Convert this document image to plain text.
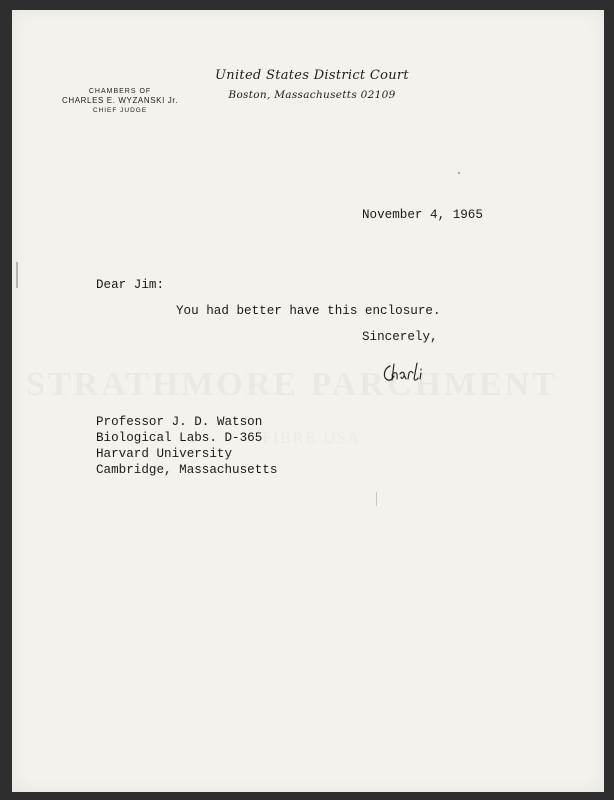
CHAMBERS OF
CHARLES E. WYZANSKI Jr.
CHIEF JUDGE
United States District Court
Boston, Massachusetts 02109
November 4, 1965
Dear Jim:
You had better have this enclosure.
Sincerely,
Professor J. D. Watson
Biological Labs. D-365
Harvard University
Cambridge, Massachusetts
